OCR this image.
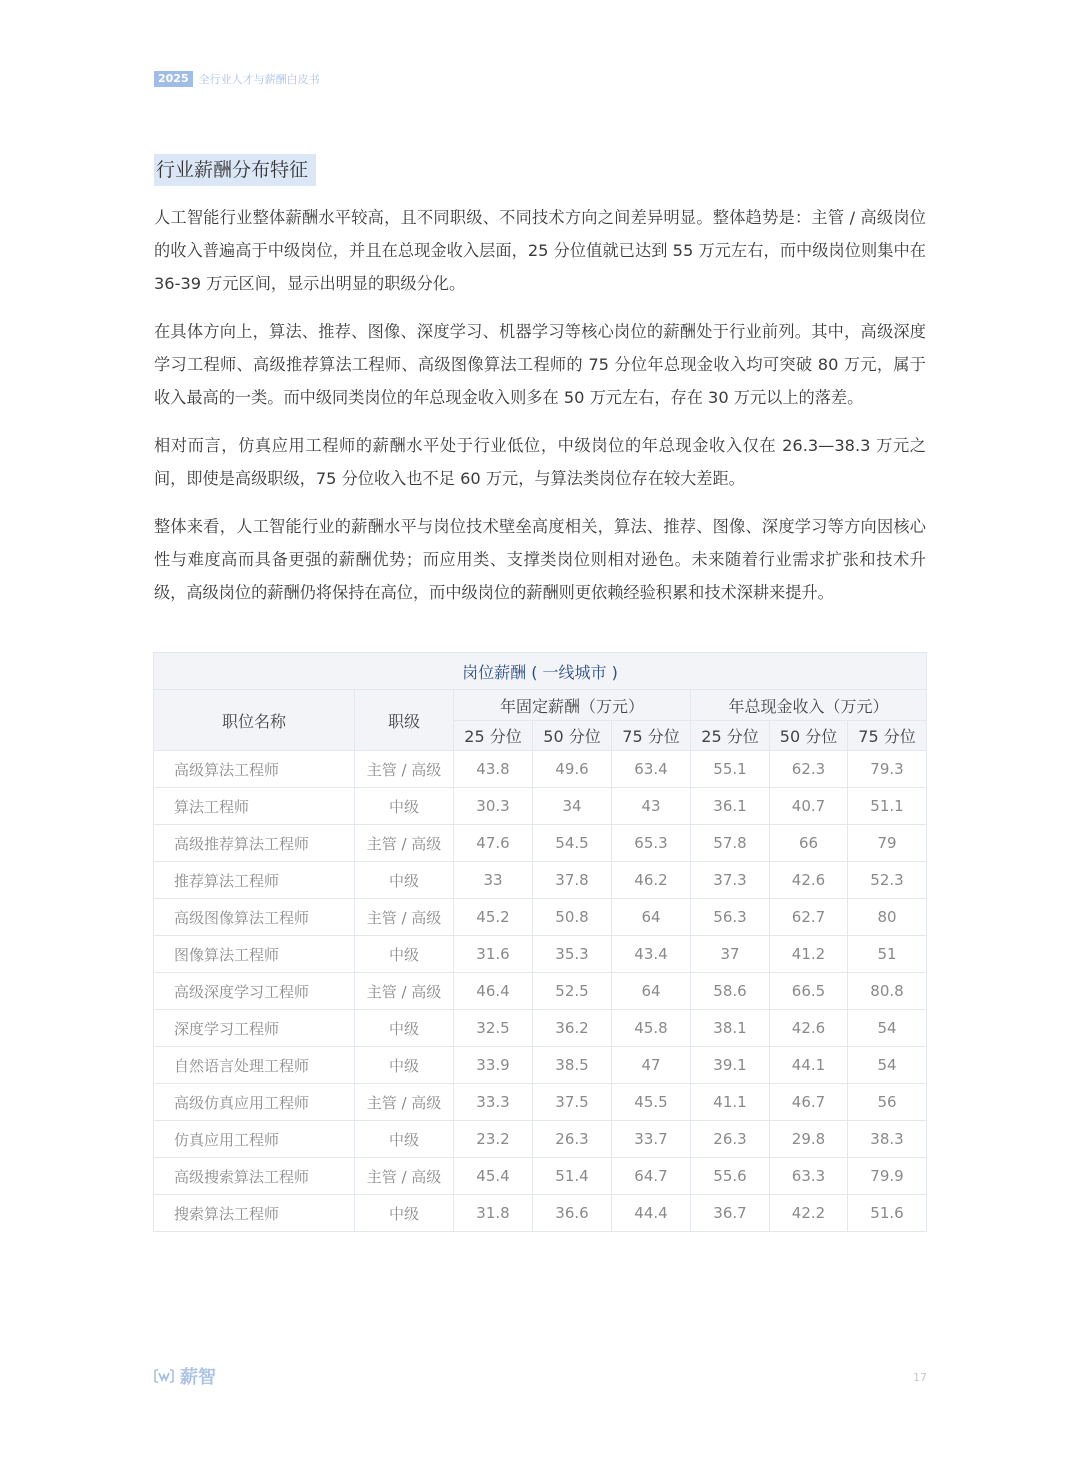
2025 全行业人才与薪酬白皮书
行业薪酬分布特征

人工智能行业整体薪酬水平较高，且不同职级、不同技术方向之间差异明显。整体趋势是：主管 / 高级岗位的收入普遍高于中级岗位，并且在总现金收入层面，25 分位值就已达到 55 万元左右，而中级岗位则集中在 36-39 万元区间，显示出明显的职级分化。

在具体方向上，算法、推荐、图像、深度学习、机器学习等核心岗位的薪酬处于行业前列。其中，高级深度学习工程师、高级推荐算法工程师、高级图像算法工程师的 75 分位年总现金收入均可突破 80 万元，属于收入最高的一类。而中级同类岗位的年总现金收入则多在 50 万元左右，存在 30 万元以上的落差。

相对而言，仿真应用工程师的薪酬水平处于行业低位，中级岗位的年总现金收入仅在 26.3—38.3 万元之间，即使是高级职级，75 分位收入也不足 60 万元，与算法类岗位存在较大差距。

整体来看，人工智能行业的薪酬水平与岗位技术壁垒高度相关，算法、推荐、图像、深度学习等方向因核心性与难度高而具备更强的薪酬优势；而应用类、支撑类岗位则相对逊色。未来随着行业需求扩张和技术升级，高级岗位的薪酬仍将保持在高位，而中级岗位的薪酬则更依赖经验积累和技术深耕来提升。

岗位薪酬 ( 一线城市 )							
职位名称	职级	年固定薪酬（万元）			年总现金收入（万元）		
		25 分位	50 分位	75 分位	25 分位	50 分位	75 分位
高级算法工程师	主管 / 高级	43.8	49.6	63.4	55.1	62.3	79.3
算法工程师	中级	30.3	34	43	36.1	40.7	51.1
高级推荐算法工程师	主管 / 高级	47.6	54.5	65.3	57.8	66	79
推荐算法工程师	中级	33	37.8	46.2	37.3	42.6	52.3
高级图像算法工程师	主管 / 高级	45.2	50.8	64	56.3	62.7	80
图像算法工程师	中级	31.6	35.3	43.4	37	41.2	51
高级深度学习工程师	主管 / 高级	46.4	52.5	64	58.6	66.5	80.8
深度学习工程师	中级	32.5	36.2	45.8	38.1	42.6	54
自然语言处理工程师	中级	33.9	38.5	47	39.1	44.1	54
高级仿真应用工程师	主管 / 高级	33.3	37.5	45.5	41.1	46.7	56
仿真应用工程师	中级	23.2	26.3	33.7	26.3	29.8	38.3
高级搜索算法工程师	主管 / 高级	45.4	51.4	64.7	55.6	63.3	79.9
搜索算法工程师	中级	31.8	36.6	44.4	36.7	42.2	51.6
薪智	17
